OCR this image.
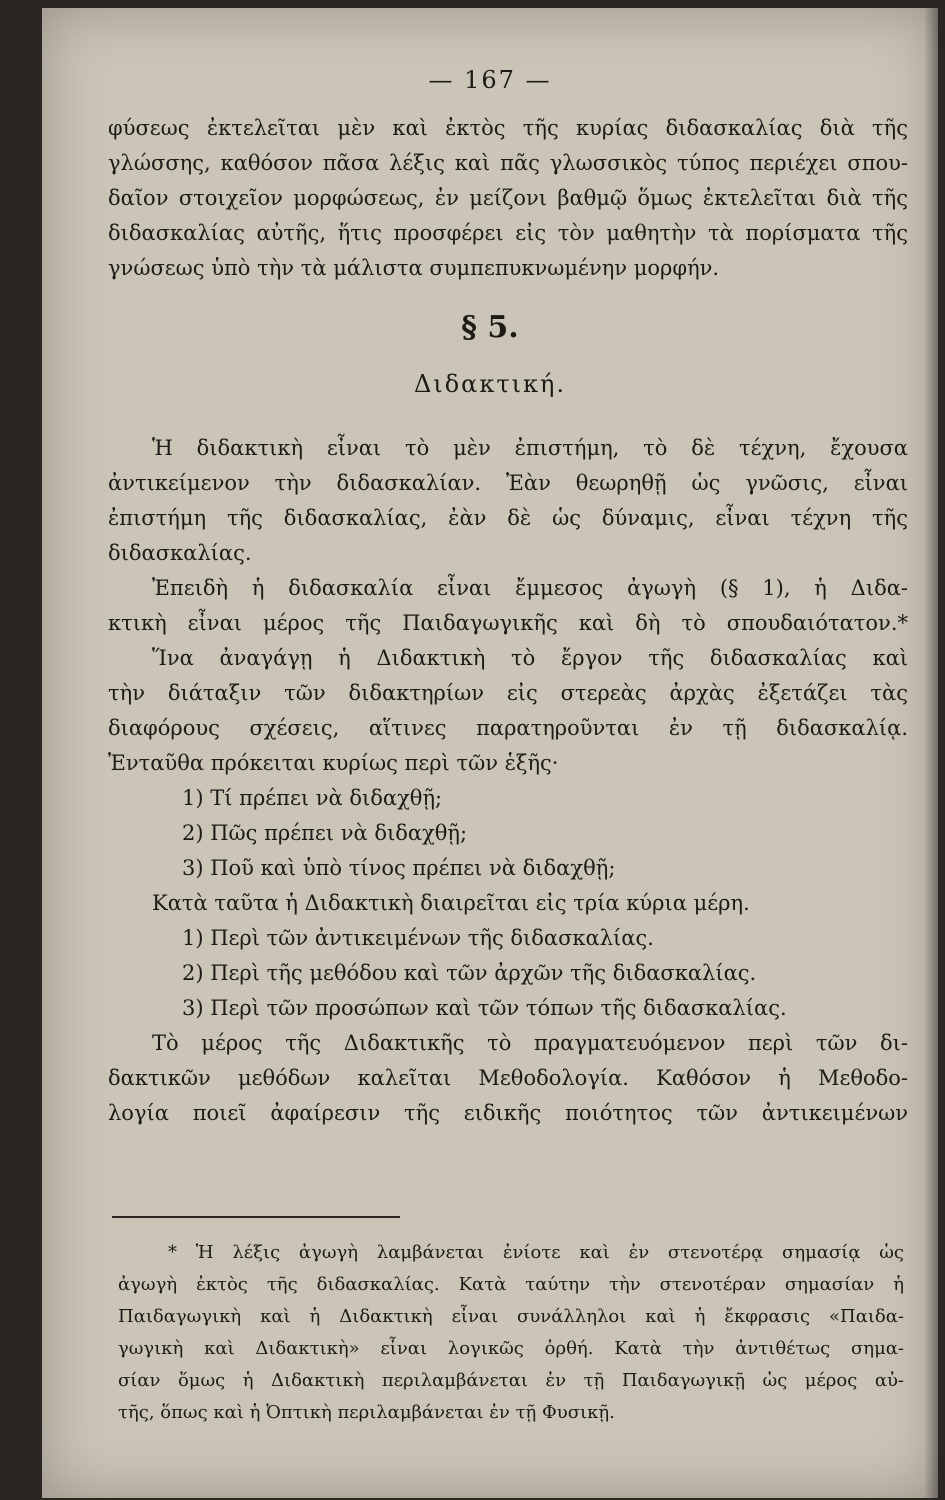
— 167 —
φύσεως ἐκτελεῖται μὲν καὶ ἐκτὸς τῆς κυρίας διδασκαλίας διὰ τῆς
γλώσσης, καθόσον πᾶσα λέξις καὶ πᾶς γλωσσικὸς τύπος περιέχει σπου-
δαῖον στοιχεῖον μορφώσεως, ἐν μείζονι βαθμῷ ὅμως ἐκτελεῖται διὰ τῆς
διδασκαλίας αὐτῆς, ἥτις προσφέρει εἰς τὸν μαθητὴν τὰ πορίσματα τῆς
γνώσεως ὑπὸ τὴν τὰ μάλιστα συμπεπυκνωμένην μορφήν.
§ 5.
Διδακτική.
Ἡ διδακτικὴ εἶναι τὸ μὲν ἐπιστήμη, τὸ δὲ τέχνη, ἔχουσα
ἀντικείμενον τὴν διδασκαλίαν. Ἐὰν θεωρηθῇ ὡς γνῶσις, εἶναι
ἐπιστήμη τῆς διδασκαλίας, ἐὰν δὲ ὡς δύναμις, εἶναι τέχνη τῆς
διδασκαλίας.
Ἐπειδὴ ἡ διδασκαλία εἶναι ἔμμεσος ἀγωγὴ (§ 1), ἡ Διδα-
κτικὴ εἶναι μέρος τῆς Παιδαγωγικῆς καὶ δὴ τὸ σπουδαιότατον.*
Ἵνα ἀναγάγῃ ἡ Διδακτικὴ τὸ ἔργον τῆς διδασκαλίας καὶ
τὴν διάταξιν τῶν διδακτηρίων εἰς στερεὰς ἀρχὰς ἐξετάζει τὰς
διαφόρους σχέσεις, αἵτινες παρατηροῦνται ἐν τῇ διδασκαλίᾳ.
Ἐνταῦθα πρόκειται κυρίως περὶ τῶν ἑξῆς·
1) Τί πρέπει νὰ διδαχθῇ;
2) Πῶς πρέπει νὰ διδαχθῇ;
3) Ποῦ καὶ ὑπὸ τίνος πρέπει νὰ διδαχθῇ;
Κατὰ ταῦτα ἡ Διδακτικὴ διαιρεῖται εἰς τρία κύρια μέρη.
1) Περὶ τῶν ἀντικειμένων τῆς διδασκαλίας.
2) Περὶ τῆς μεθόδου καὶ τῶν ἀρχῶν τῆς διδασκαλίας.
3) Περὶ τῶν προσώπων καὶ τῶν τόπων τῆς διδασκαλίας.
Τὸ μέρος τῆς Διδακτικῆς τὸ πραγματευόμενον περὶ τῶν δι-
δακτικῶν μεθόδων καλεῖται Μεθοδολογία. Καθόσον ἡ Μεθοδο-
λογία ποιεῖ ἀφαίρεσιν τῆς ειδικῆς ποιότητος τῶν ἀντικειμένων
* Ἡ λέξις ἀγωγὴ λαμβάνεται ἐνίοτε καὶ ἐν στενοτέρᾳ σημασίᾳ ὡς
ἀγωγὴ ἐκτὸς τῆς διδασκαλίας. Κατὰ ταύτην τὴν στενοτέραν σημασίαν ἡ
Παιδαγωγικὴ καὶ ἡ Διδακτικὴ εἶναι συνάλληλοι καὶ ἡ ἔκφρασις «Παιδα-
γωγικὴ καὶ Διδακτικὴ» εἶναι λογικῶς ὀρθή. Κατὰ τὴν ἀντιθέτως σημα-
σίαν ὅμως ἡ Διδακτικὴ περιλαμβάνεται ἐν τῇ Παιδαγωγικῇ ὡς μέρος αὐ-
τῆς, ὅπως καὶ ἡ Ὀπτικὴ περιλαμβάνεται ἐν τῇ Φυσικῇ.
